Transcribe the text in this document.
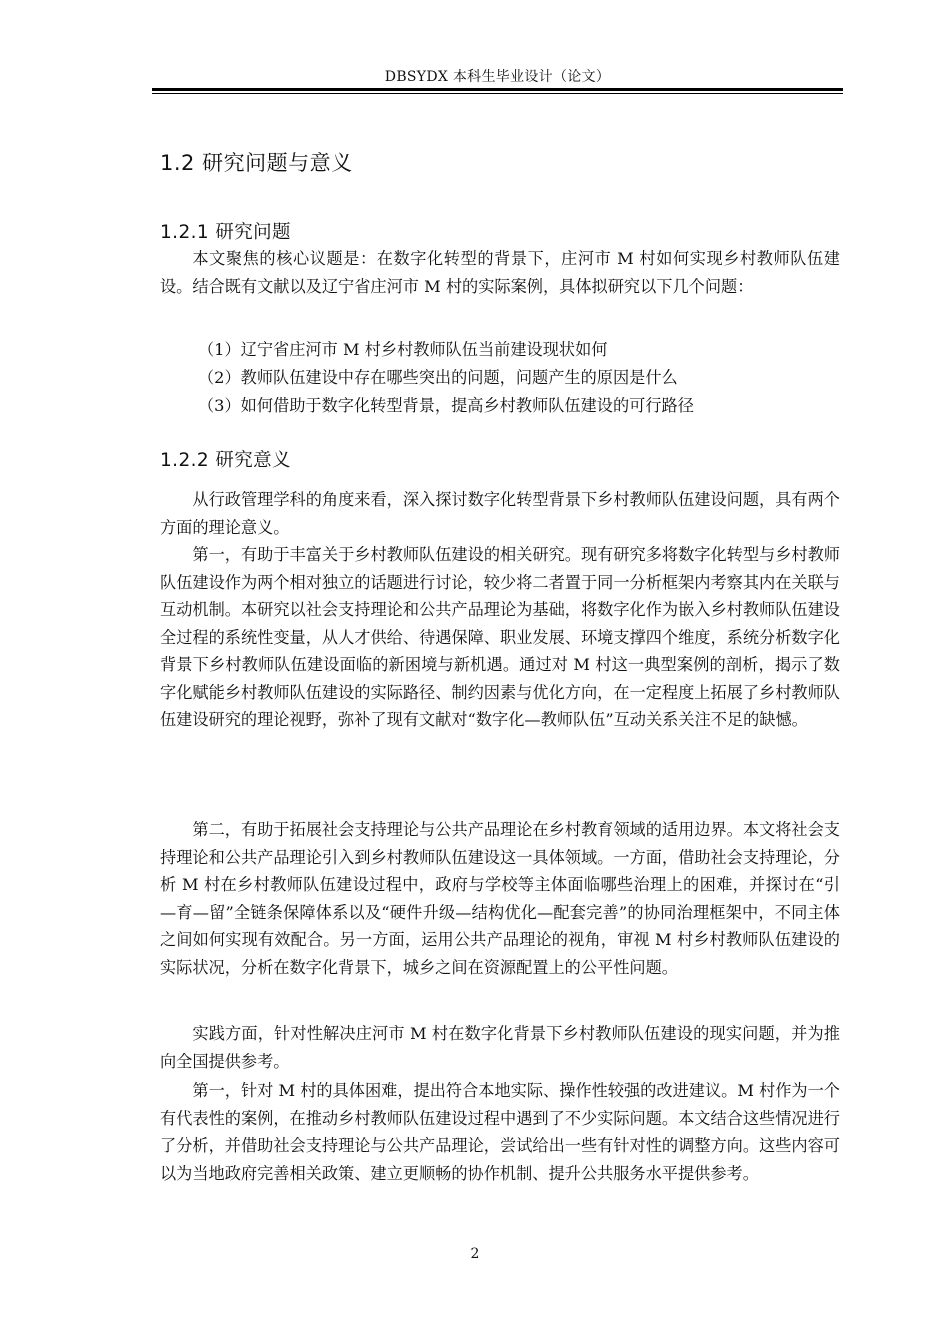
DBSYDX 本科生毕业设计（论文）
1.2 研究问题与意义
1.2.1 研究问题
本文聚焦的核心议题是：在数字化转型的背景下，庄河市 M 村如何实现乡村教师队伍建设。结合既有文献以及辽宁省庄河市 M 村的实际案例，具体拟研究以下几个问题：
（1）辽宁省庄河市 M 村乡村教师队伍当前建设现状如何
（2）教师队伍建设中存在哪些突出的问题，问题产生的原因是什么
（3）如何借助于数字化转型背景，提高乡村教师队伍建设的可行路径
1.2.2 研究意义
从行政管理学科的角度来看，深入探讨数字化转型背景下乡村教师队伍建设问题，具有两个方面的理论意义。
第一，有助于丰富关于乡村教师队伍建设的相关研究。现有研究多将数字化转型与乡村教师队伍建设作为两个相对独立的话题进行讨论，较少将二者置于同一分析框架内考察其内在关联与互动机制。本研究以社会支持理论和公共产品理论为基础，将数字化作为嵌入乡村教师队伍建设全过程的系统性变量，从人才供给、待遇保障、职业发展、环境支撑四个维度，系统分析数字化背景下乡村教师队伍建设面临的新困境与新机遇。通过对 M 村这一典型案例的剖析，揭示了数字化赋能乡村教师队伍建设的实际路径、制约因素与优化方向，在一定程度上拓展了乡村教师队伍建设研究的理论视野，弥补了现有文献对“数字化—教师队伍”互动关系关注不足的缺憾。
第二，有助于拓展社会支持理论与公共产品理论在乡村教育领域的适用边界。本文将社会支持理论和公共产品理论引入到乡村教师队伍建设这一具体领域。一方面，借助社会支持理论，分析 M 村在乡村教师队伍建设过程中，政府与学校等主体面临哪些治理上的困难，并探讨在“引—育—留”全链条保障体系以及“硬件升级—结构优化—配套完善”的协同治理框架中，不同主体之间如何实现有效配合。另一方面，运用公共产品理论的视角，审视 M 村乡村教师队伍建设的实际状况，分析在数字化背景下，城乡之间在资源配置上的公平性问题。
实践方面，针对性解决庄河市 M 村在数字化背景下乡村教师队伍建设的现实问题，并为推向全国提供参考。
第一，针对 M 村的具体困难，提出符合本地实际、操作性较强的改进建议。M 村作为一个有代表性的案例，在推动乡村教师队伍建设过程中遇到了不少实际问题。本文结合这些情况进行了分析，并借助社会支持理论与公共产品理论，尝试给出一些有针对性的调整方向。这些内容可以为当地政府完善相关政策、建立更顺畅的协作机制、提升公共服务水平提供参考。
2
